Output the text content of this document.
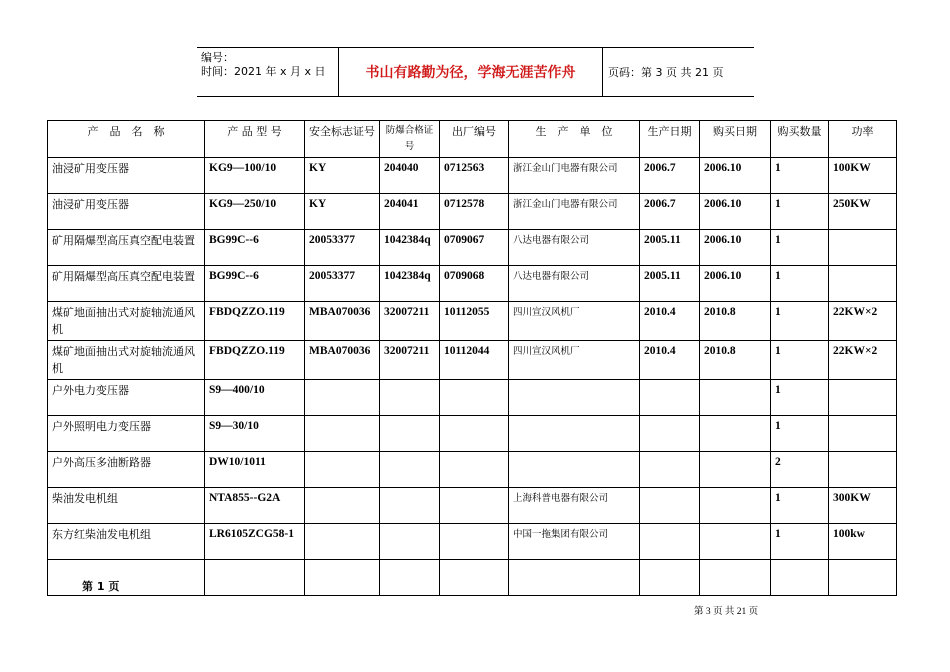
编号：
时间：2021 年 x 月 x 日	书山有路勤为径，学海无涯苦作舟	页码：第 3 页 共 21 页
产　品　名　称	产 品 型 号	安全标志证号	防爆合格证号	出厂编号	生　产　单　位	生产日期	购买日期	购买数量	功率
油浸矿用变压器	KG9—100/10	KY	204040	0712563	浙江金山门电器有限公司	2006.7	2006.10	1	100KW
油浸矿用变压器	KG9—250/10	KY	204041	0712578	浙江金山门电器有限公司	2006.7	2006.10	1	250KW
矿用隔爆型高压真空配电装置	BG99C--6	20053377	1042384q	0709067	八达电器有限公司	2005.11	2006.10	1	
矿用隔爆型高压真空配电装置	BG99C--6	20053377	1042384q	0709068	八达电器有限公司	2005.11	2006.10	1	
煤矿地面抽出式对旋轴流通风机	FBDQZZO.119	MBA070036	32007211	10112055	四川宣汉风机厂	2010.4	2010.8	1	22KW×2
煤矿地面抽出式对旋轴流通风机	FBDQZZO.119	MBA070036	32007211	10112044	四川宣汉风机厂	2010.4	2010.8	1	22KW×2
户外电力变压器	S9—400/10							1	
户外照明电力变压器	S9—30/10							1	
户外高压多油断路器	DW10/1011							2	
柴油发电机组	NTA855--G2A				上海科普电器有限公司			1	300KW
东方红柴油发电机组	LR6105ZCG58-1				中国一拖集团有限公司			1	100kw

第 1 页
第 3 页 共 21 页
